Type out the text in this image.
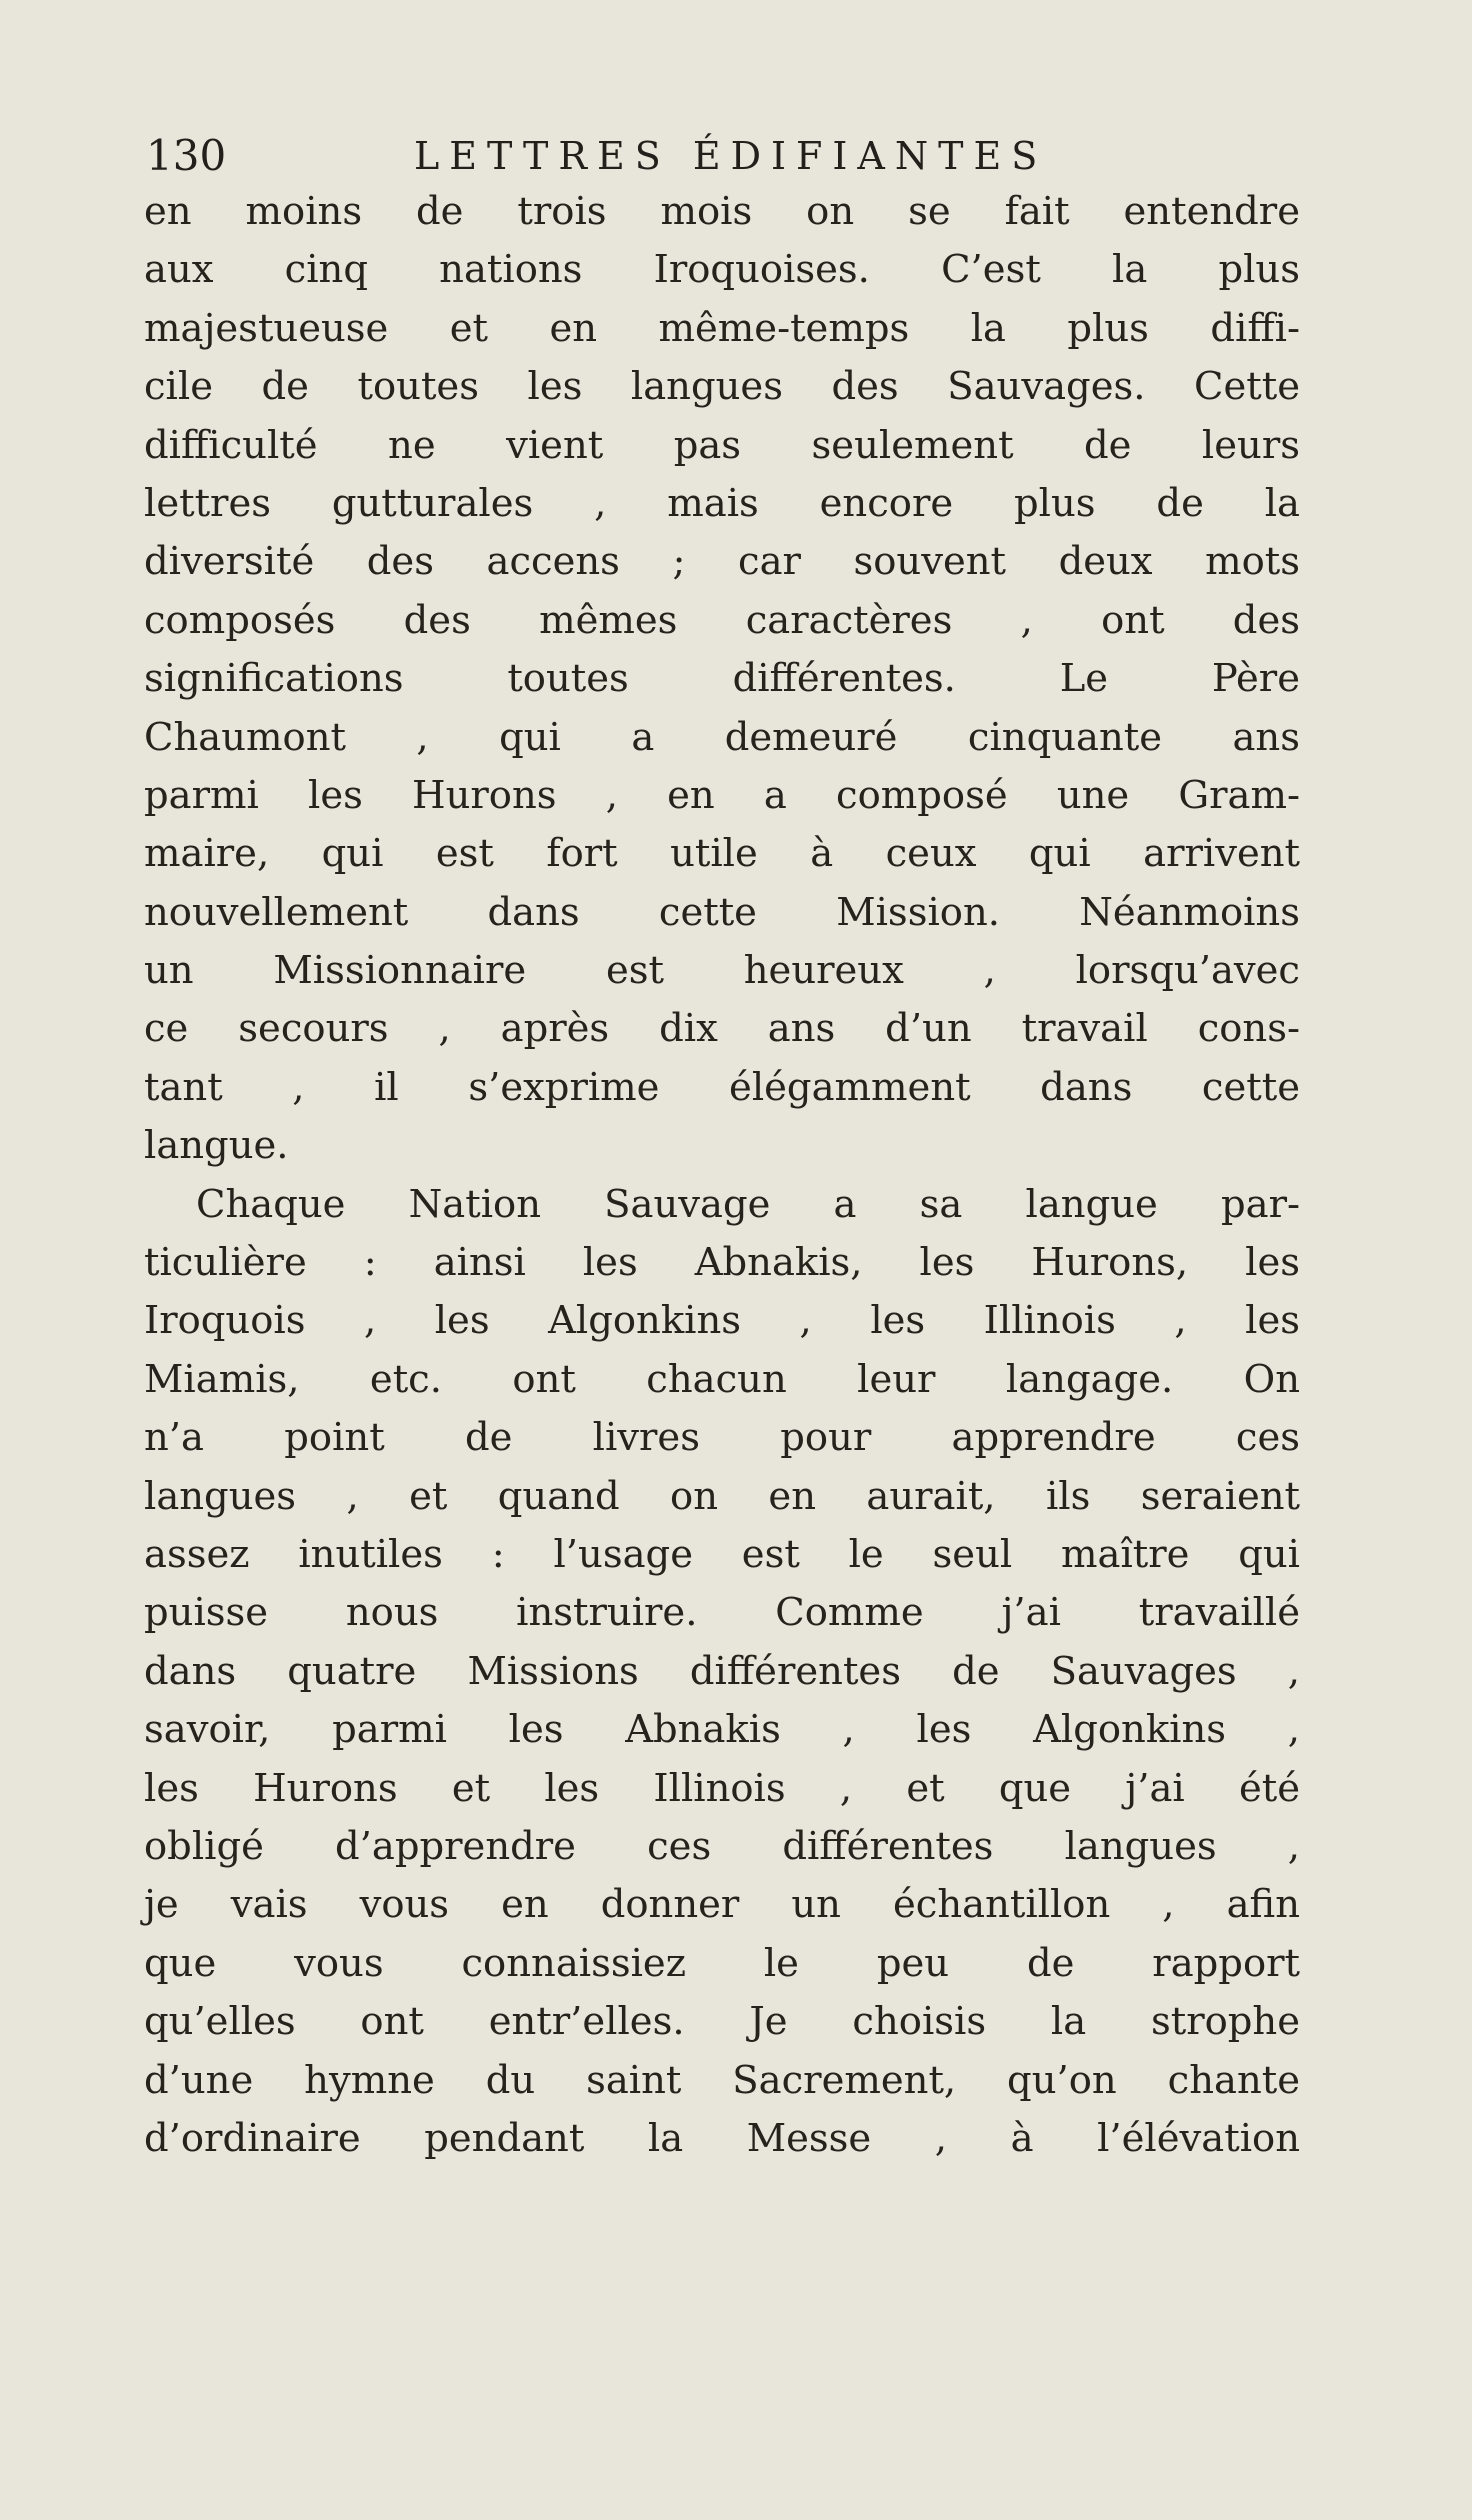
130	LETTRES ÉDIFIANTES
en moins de trois mois on se fait entendre
aux cinq nations Iroquoises. C’est la plus
majestueuse et en même-temps la plus diffi-
cile de toutes les langues des Sauvages. Cette
difficulté ne vient pas seulement de leurs
lettres gutturales , mais encore plus de la
diversité des accens ; car souvent deux mots
composés des mêmes caractères , ont des
significations toutes différentes. Le Père
Chaumont , qui a demeuré cinquante ans
parmi les Hurons , en a composé une Gram-
maire, qui est fort utile à ceux qui arrivent
nouvellement dans cette Mission. Néanmoins
un Missionnaire est heureux , lorsqu’avec
ce secours , après dix ans d’un travail cons-
tant , il s’exprime élégamment dans cette
langue.
Chaque Nation Sauvage a sa langue par-
ticulière : ainsi les Abnakis, les Hurons, les
Iroquois , les Algonkins , les Illinois , les
Miamis, etc. ont chacun leur langage. On
n’a point de livres pour apprendre ces
langues , et quand on en aurait, ils seraient
assez inutiles : l’usage est le seul maître qui
puisse nous instruire. Comme j’ai travaillé
dans quatre Missions différentes de Sauvages ,
savoir, parmi les Abnakis , les Algonkins ,
les Hurons et les Illinois , et que j’ai été
obligé d’apprendre ces différentes langues ,
je vais vous en donner un échantillon , afin
que vous connaissiez le peu de rapport
qu’elles ont entr’elles. Je choisis la strophe
d’une hymne du saint Sacrement, qu’on chante
d’ordinaire pendant la Messe , à l’élévation
